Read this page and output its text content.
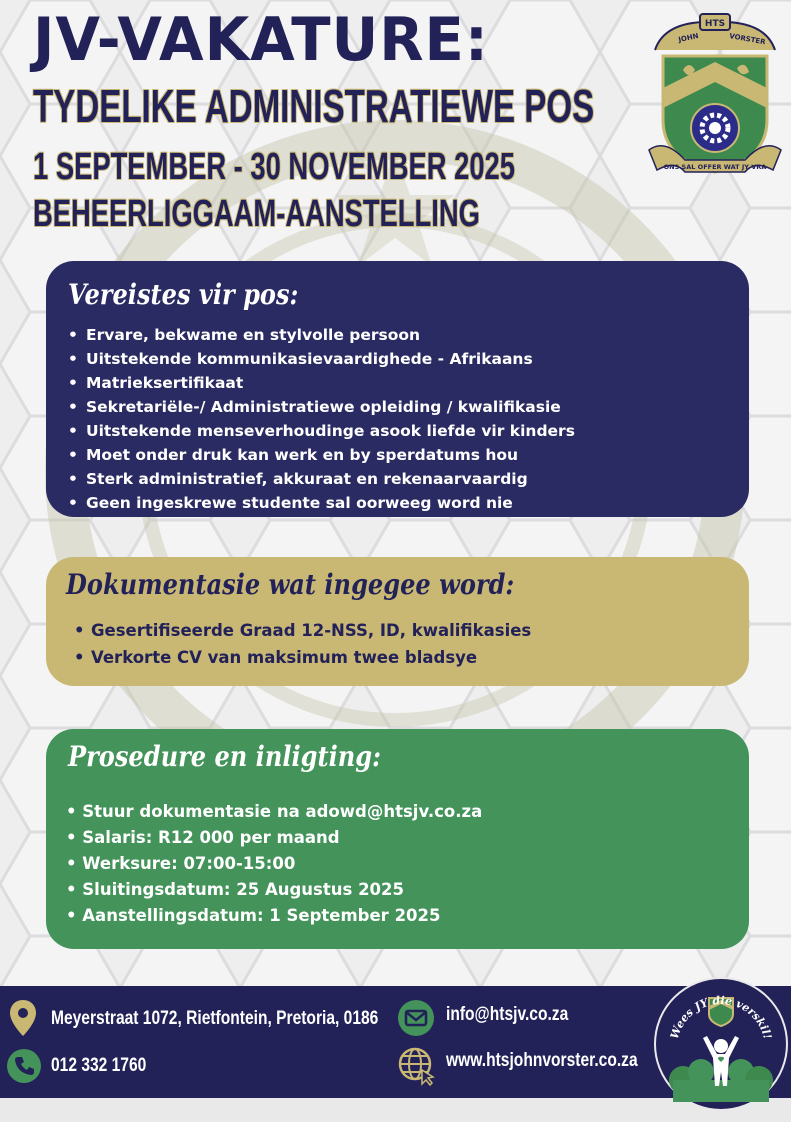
JV-VAKATURE:
TYDELIKE ADMINISTRATIEWE POS
1 SEPTEMBER - 30 NOVEMBER 2025
BEHEERLIGGAAM-AANSTELLING
HTS
JOHN	VORSTER
ONS SAL OFFER WAT JY VRA
Vereistes vir pos:
• Ervare, bekwame en stylvolle persoon
• Uitstekende kommunikasievaardighede - Afrikaans
• Matrieksertifikaat
• Sekretariële-/ Administratiewe opleiding / kwalifikasie
• Uitstekende menseverhoudinge asook liefde vir kinders
• Moet onder druk kan werk en by sperdatums hou
• Sterk administratief, akkuraat en rekenaarvaardig
• Geen ingeskrewe studente sal oorweeg word nie
Dokumentasie wat ingegee word:
• Gesertifiseerde Graad 12-NSS, ID, kwalifikasies
• Verkorte CV van maksimum twee bladsye
Prosedure en inligting:
• Stuur dokumentasie na adowd@htsjv.co.za
• Salaris: R12 000 per maand
• Werksure: 07:00-15:00
• Sluitingsdatum: 25 Augustus 2025
• Aanstellingsdatum: 1 September 2025
Meyerstraat 1072, Rietfontein, Pretoria, 0186
012 332 1760
info@htsjv.co.za
www.htsjohnvorster.co.za
Wees JY die verskil!
